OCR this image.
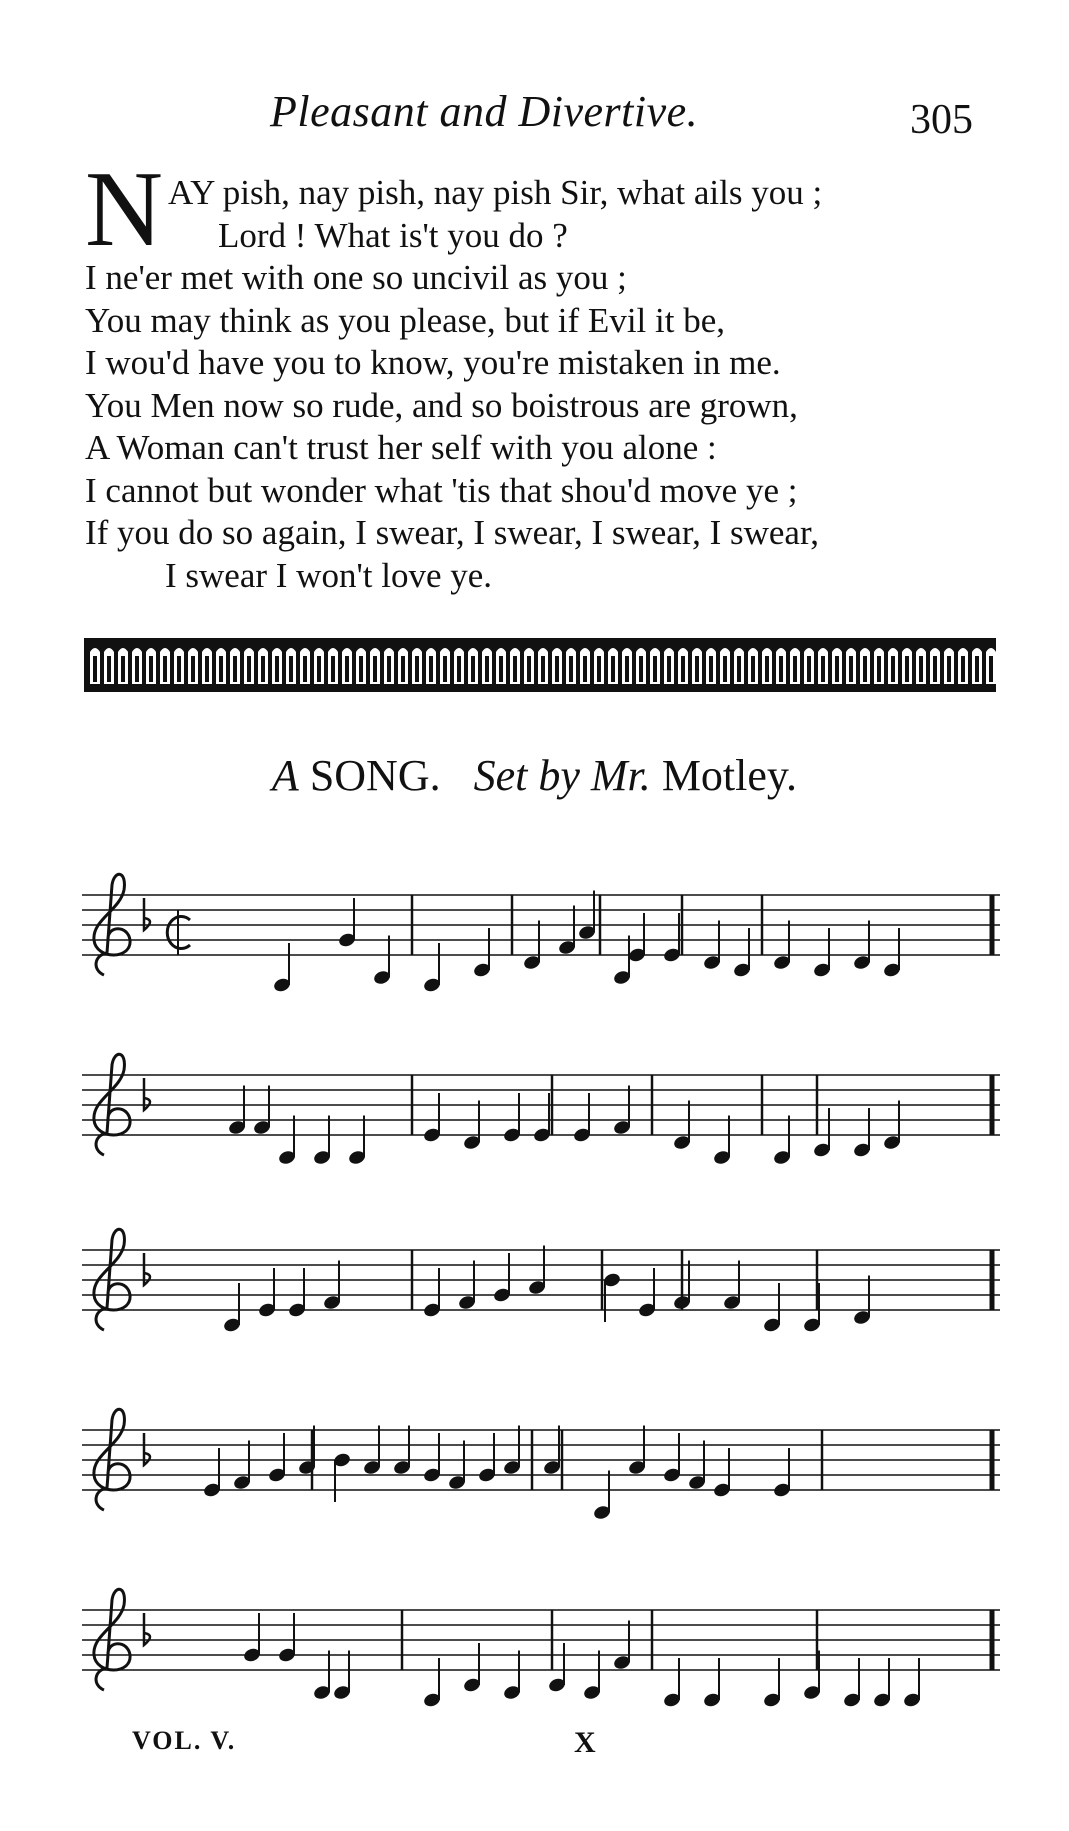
Pleasant and Divertive.	305
N AY pish, nay pish, nay pish Sir, what ails you ;
Lord ! What is't you do ?
I ne'er met with one so uncivil as you ;
You may think as you please, but if Evil it be,
I wou'd have you to know, you're mistaken in me.
You Men now so rude, and so boistrous are grown,
A Woman can't trust her self with you alone :
I cannot but wonder what 'tis that shou'd move ye ;
If you do so again, I swear, I swear, I swear, I swear,
I swear I won't love ye.
A SONG. Set by Mr. Motley.
VOL. V.	X
